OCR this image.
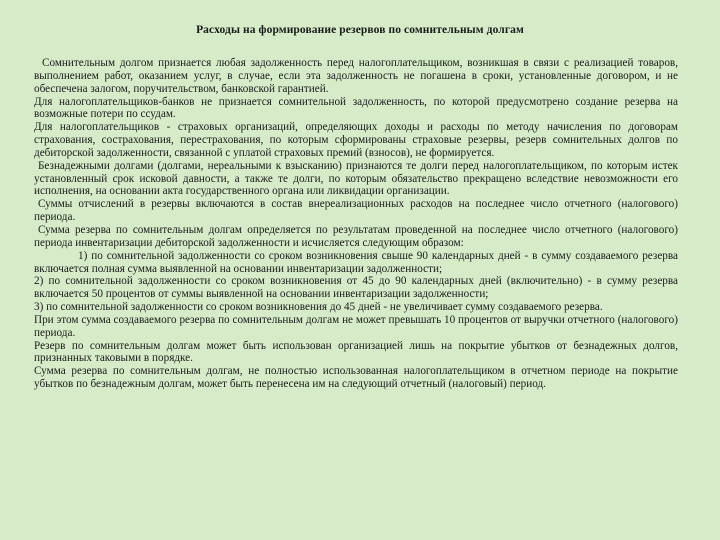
Расходы на формирование резервов по сомнительным долгам

Сомнительным долгом признается любая задолженность перед налогоплательщиком, возникшая в связи с реализацией товаров, выполнением работ, оказанием услуг, в случае, если эта задолженность не погашена в сроки, установленные договором, и не обеспечена залогом, поручительством, банковской гарантией.

Для налогоплательщиков-банков не признается сомнительной задолженность, по которой предусмотрено создание резерва на возможные потери по ссудам.

Для налогоплательщиков - страховых организаций, определяющих доходы и расходы по методу начисления по договорам страхования, сострахования, перестрахования, по которым сформированы страховые резервы, резерв сомнительных долгов по дебиторской задолженности, связанной с уплатой страховых премий (взносов), не формируется.

Безнадежными долгами (долгами, нереальными к взысканию) признаются те долги перед налогоплательщиком, по которым истек установленный срок исковой давности, а также те долги, по которым обязательство прекращено вследствие невозможности его исполнения, на основании акта государственного органа или ликвидации организации.

Суммы отчислений в резервы включаются в состав внереализационных расходов на последнее число отчетного (налогового) периода.

Сумма резерва по сомнительным долгам определяется по результатам проведенной на последнее число отчетного (налогового) периода инвентаризации дебиторской задолженности и исчисляется следующим образом:

1) по сомнительной задолженности со сроком возникновения свыше 90 календарных дней - в сумму создаваемого резерва включается полная сумма выявленной на основании инвентаризации задолженности;

2) по сомнительной задолженности со сроком возникновения от 45 до 90 календарных дней (включительно) - в сумму резерва включается 50 процентов от суммы выявленной на основании инвентаризации задолженности;

3) по сомнительной задолженности со сроком возникновения до 45 дней - не увеличивает сумму создаваемого резерва.

При этом сумма создаваемого резерва по сомнительным долгам не может превышать 10 процентов от выручки отчетного (налогового) периода.

Резерв по сомнительным долгам может быть использован организацией лишь на покрытие убытков от безнадежных долгов, признанных таковыми в порядке.

Сумма резерва по сомнительным долгам, не полностью использованная налогоплательщиком в отчетном периоде на покрытие убытков по безнадежным долгам, может быть перенесена им на следующий отчетный (налоговый) период.
